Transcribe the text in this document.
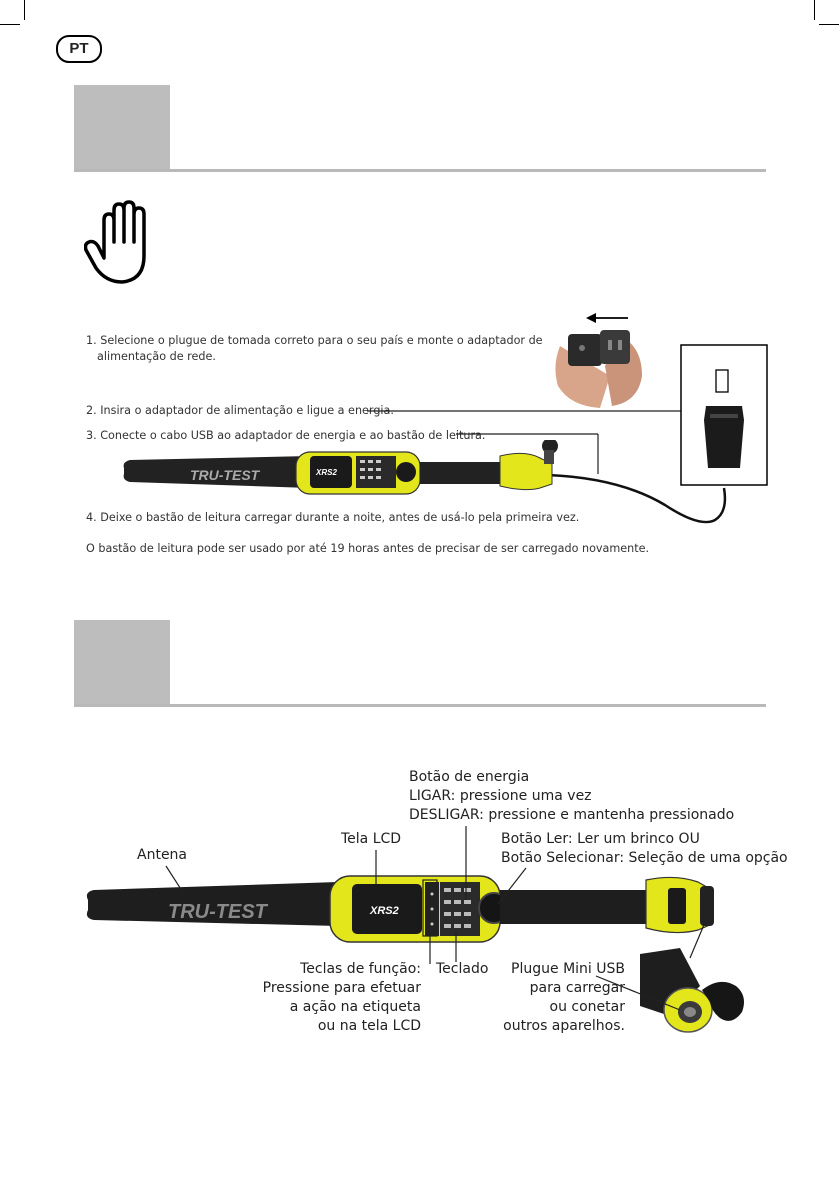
PT
1. Selecione o plugue de tomada correto para o seu país e monte o adaptador de
alimentação de rede.
2. Insira o adaptador de alimentação e ligue a energia.
3. Conecte o cabo USB ao adaptador de energia e ao bastão de leitura.
4. Deixe o bastão de leitura carregar durante a noite, antes de usá-lo pela primeira vez.
O bastão de leitura pode ser usado por até 19 horas antes de precisar de ser carregado novamente.
TRU-TEST	XRS2
Botão de energia
LIGAR: pressione uma vez
DESLIGAR: pressione e mantenha pressionado
Botão Ler: Ler um brinco OU
Botão Selecionar: Seleção de uma opção
Tela LCD
Antena
Teclas de função:
Pressione para efetuar
a ação na etiqueta
ou na tela LCD
Teclado Plugue Mini USB
para carregar
ou conetar
outros aparelhos.
TRU-TEST	XRS2
